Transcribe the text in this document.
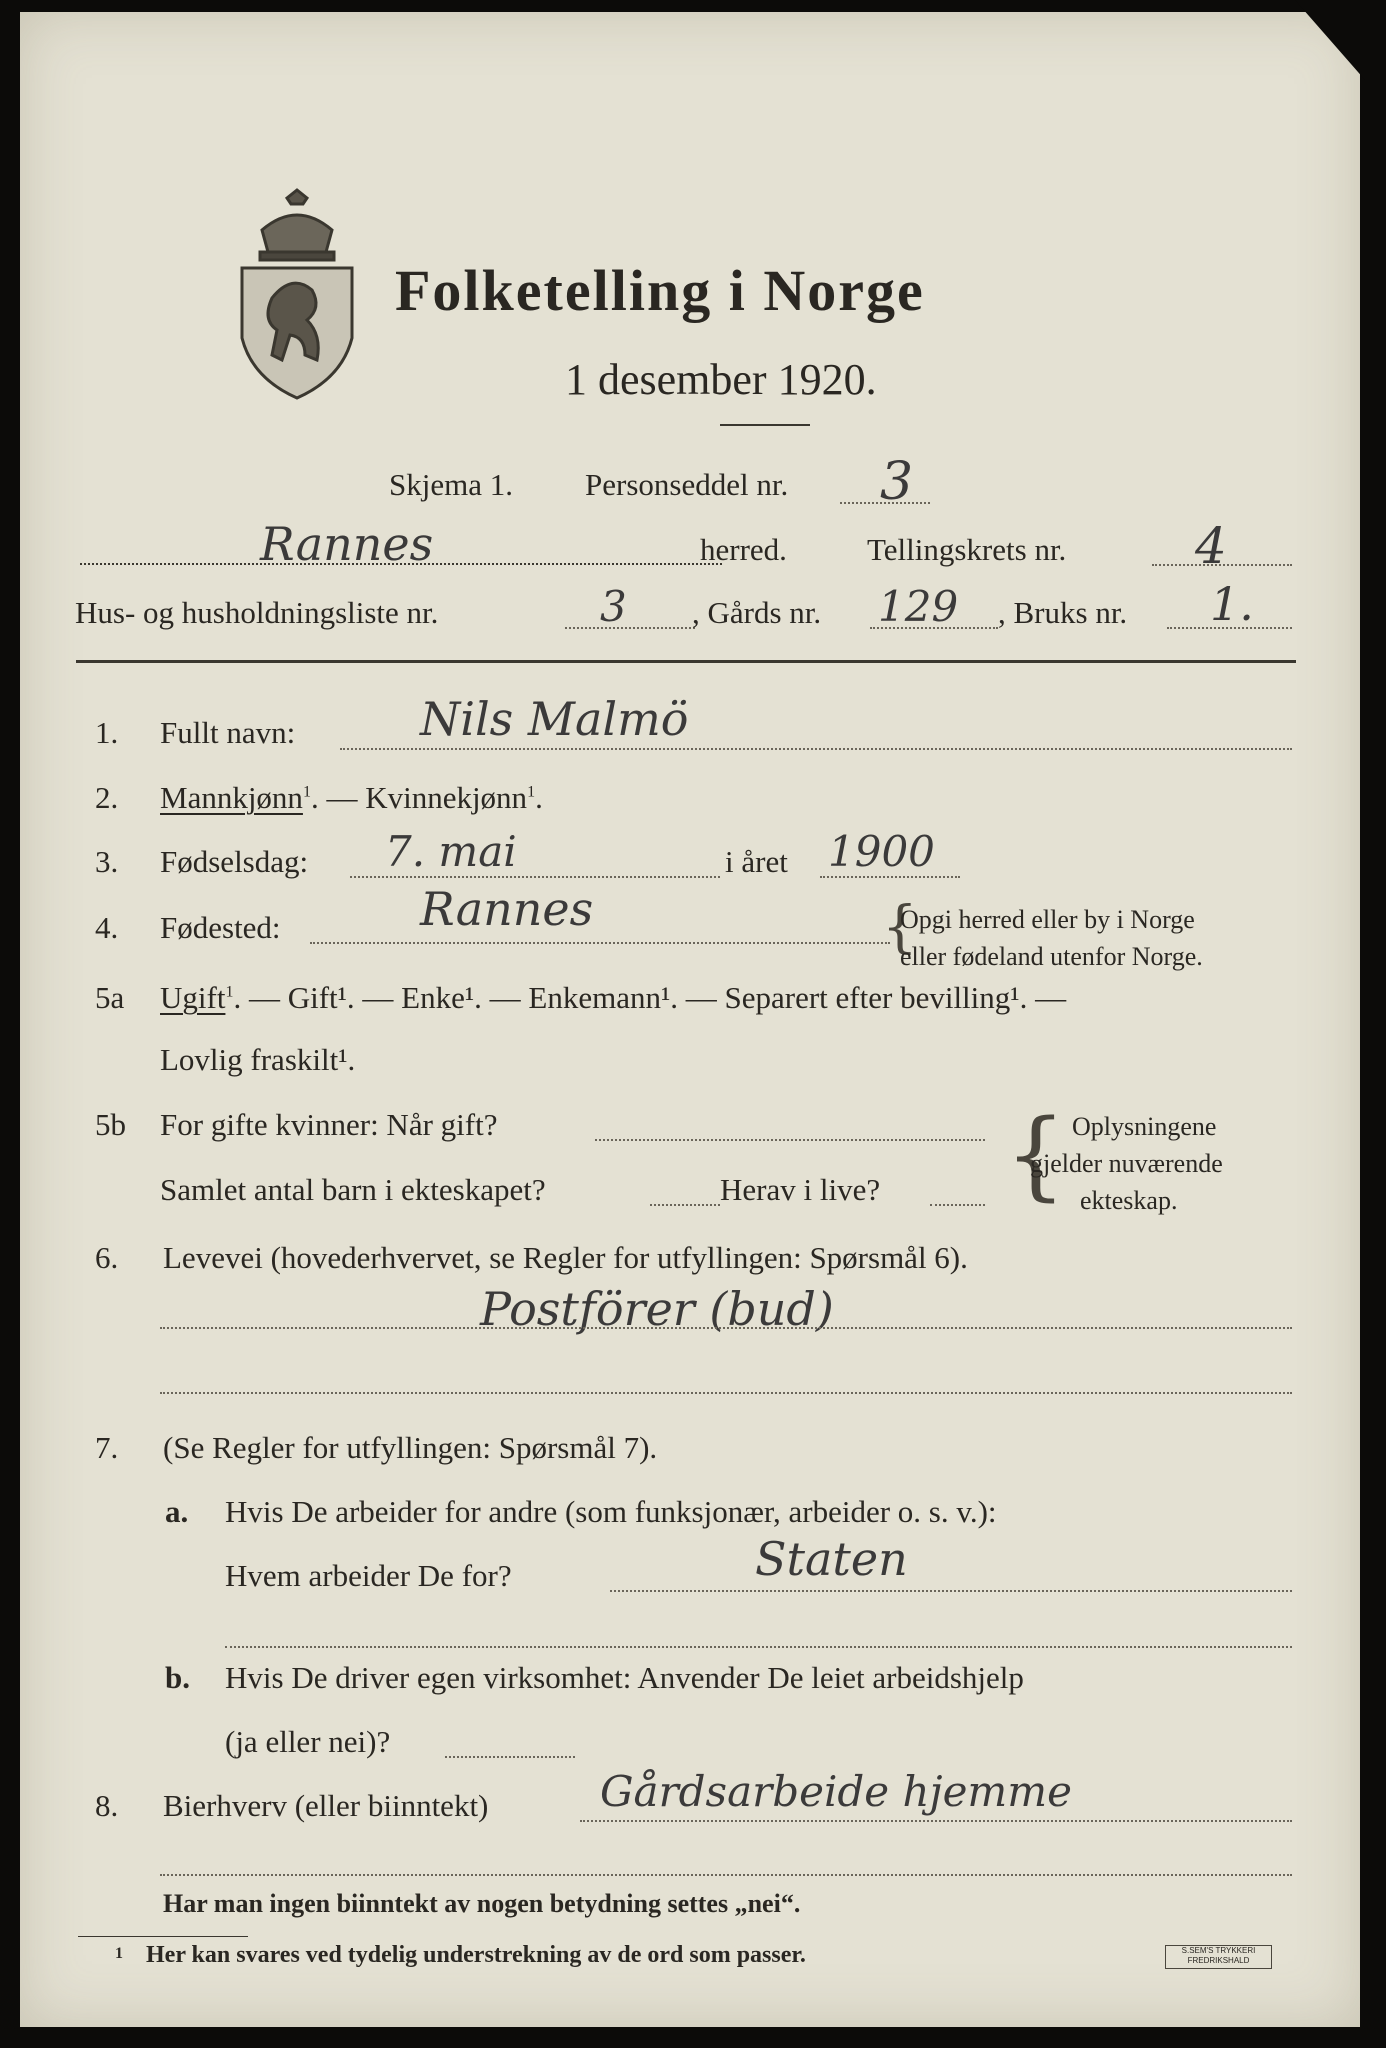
Folketelling i Norge
1 desember 1920.
Skjema 1. Personseddel nr. 3
Rannes	herred.	Tellingskrets nr.	4
Hus- og husholdningsliste nr.	3 , Gårds nr. 129 , Bruks nr. 1.
1. Fullt navn:	Nils Malmö
2. Mannkjønn$^1$. — Kvinnekjønn$^1$.
3. Fødselsdag: 7. mai	i året 1900
4. Fødested:	Rannes	{
Opgi herred eller by i Norge
eller fødeland utenfor Norge.
5a Ugift$^1$. — Gift¹. — Enke¹. — Enkemann¹. — Separert efter bevilling¹. —
Lovlig fraskilt¹.
5b For gifte kvinner: Når gift?
Samlet antal barn i ekteskapet?	Herav i live? { Oplysningene
gjelder nuværende
ekteskap.
6. Levevei (hovederhvervet, se Regler for utfyllingen: Spørsmål 6).
Postförer (bud)
7. (Se Regler for utfyllingen: Spørsmål 7).
a. Hvis De arbeider for andre (som funksjonær, arbeider o. s. v.):
Hvem arbeider De for?	Staten
b. Hvis De driver egen virksomhet: Anvender De leiet arbeidshjelp
(ja eller nei)?
8. Bierhverv (eller biinntekt)	Gårdsarbeide hjemme
Har man ingen biinntekt av nogen betydning settes „nei“.
1 Her kan svares ved tydelig understrekning av de ord som passer.	S.SEM'S TRYKKERI
FREDRIKSHALD
